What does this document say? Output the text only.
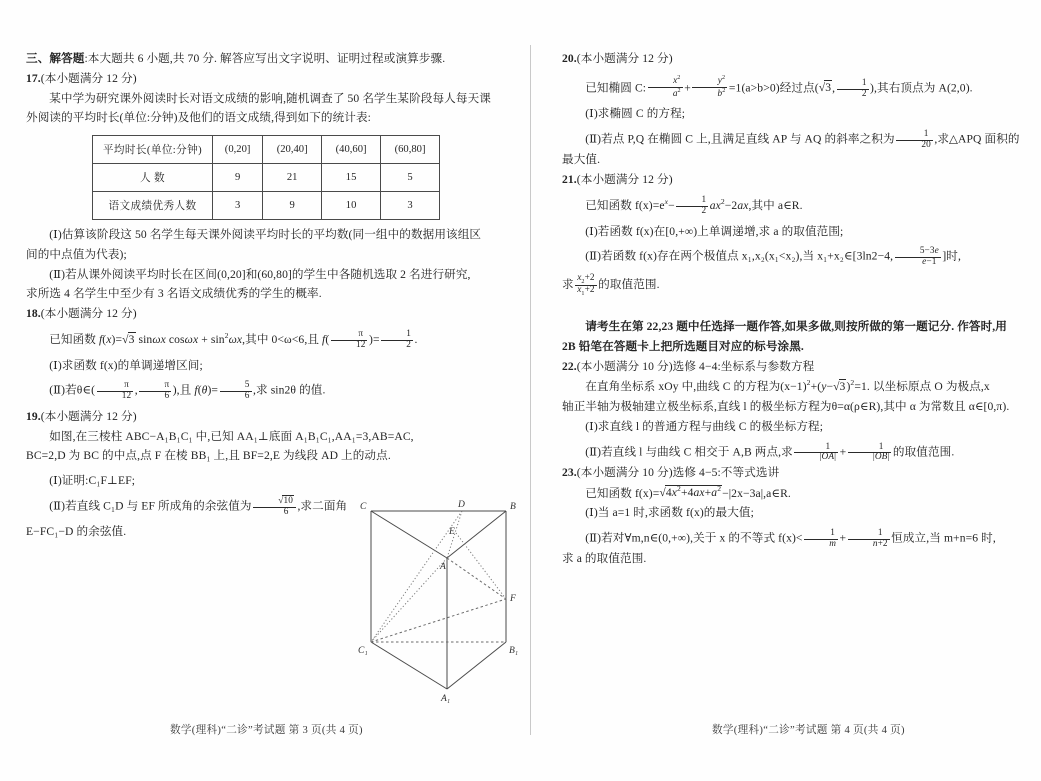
三、解答题:本大题共 6 小题,共 70 分. 解答应写出文字说明、证明过程或演算步骤.
17.(本小题满分 12 分)
某中学为研究课外阅读时长对语文成绩的影响,随机调查了 50 名学生某阶段每人每天课
外阅读的平均时长(单位:分钟)及他们的语文成绩,得到如下的统计表:
平均时长(单位:分钟)	(0,20]	(20,40]	(40,60]	(60,80]
人 数	9	21	15	5
语文成绩优秀人数	3	9	10	3
(Ⅰ)估算该阶段这 50 名学生每天课外阅读平均时长的平均数(同一组中的数据用该组区
间的中点值为代表);
(Ⅱ)若从课外阅读平均时长在区间(0,20]和(60,80]的学生中各随机选取 2 名进行研究,
求所选 4 名学生中至少有 3 名语文成绩优秀的学生的概率.
18.(本小题满分 12 分)
已知函数 f(x)=√3 sinωx $\cos\omega x + \sin^2\omega x$,其中 0<ω<6,且 $f( \frac{\pi}{12}$ )= $\frac{1}{2}$ .
(Ⅰ)求函数 f(x)的单调递增区间;
(Ⅱ)若θ∈( $\frac{\pi}{12}$ , $\frac{\pi}{6}$ ),且 $f(\theta)= \frac{5}{6}$ ,求 sin2θ 的值.
19.(本小题满分 12 分)
如图,在三棱柱 ABC−A₁B₁C₁ 中,已知 AA₁⊥底面 A₁B₁C₁,AA₁=3,AB=AC,
BC=2,D 为 BC 的中点,点 F 在棱 BB₁ 上,且 BF=2,E 为线段 AD 上的动点.
(Ⅰ)证明:C₁F⊥EF;
(Ⅱ)若直线 C₁D 与 EF 所成角的余弦值为 $\frac{√10}{6}$ ,求二面角
E−FC₁−D 的余弦值.
C	D	B
E
A
F
C₁	B₁
A₁
20.(本小题满分 12 分)
已知椭圆 C: $\frac{x^2}{a^2} + \frac{y^2}{b^2} =1(a>b>0)$经过点(√3, $\frac{1}{2}$ ),其右顶点为 A(2,0).
(Ⅰ)求椭圆 C 的方程;
(Ⅱ)若点 P,Q 在椭圆 C 上,且满足直线 AP 与 AQ 的斜率之积为 $\frac{1}{20}$ ,求△APQ 面积的
最大值.
21.(本小题满分 12 分)
已知函数 $f(x)=e^x- \frac{1}{2} ax^2-2ax$,其中 a∈R.
(Ⅰ)若函数 f(x)在[0,+∞)上单调递增,求 a 的取值范围;
(Ⅱ)若函数 f(x)存在两个极值点 x₁,x₂(x₁<x₂),当 x₁+x₂∈[3ln2−4, $\frac{5-3e}{e-1}$ ]时,
求 $\frac{x_2+2}{x_1+2}$ 的取值范围.
请考生在第 22,23 题中任选择一题作答,如果多做,则按所做的第一题记分. 作答时,用
2B 铅笔在答题卡上把所选题目对应的标号涂黑.
22.(本小题满分 10 分)选修 4−4:坐标系与参数方程
在直角坐标系 xOy 中,曲线 C 的方程为$(x-1)^2+(y-√3)^2=1$. 以坐标原点 O 为极点,x
轴正半轴为极轴建立极坐标系,直线 l 的极坐标方程为θ=α(ρ∈R),其中 α 为常数且 α∈[0,π).
(Ⅰ)求直线 l 的普通方程与曲线 C 的极坐标方程;
(Ⅱ)若直线 l 与曲线 C 相交于 A,B 两点,求 $\frac{1}{|OA|} + \frac{1}{|OB|}$ 的取值范围.
23.(本小题满分 10 分)选修 4−5:不等式选讲
已知函数 $f(x)=√4x^2+4ax+a^2-|2x-3a|,a\in R$.
(Ⅰ)当 a=1 时,求函数 f(x)的最大值;
(Ⅱ)若对∀m,n∈(0,+∞),关于 x 的不等式 $f(x)< \frac{1}{m} + \frac{1}{n+2}$ 恒成立,当 m+n=6 时,
求 a 的取值范围.
数学(理科)“二诊”考试题 第 3 页(共 4 页)	数学(理科)“二诊”考试题 第 4 页(共 4 页)
